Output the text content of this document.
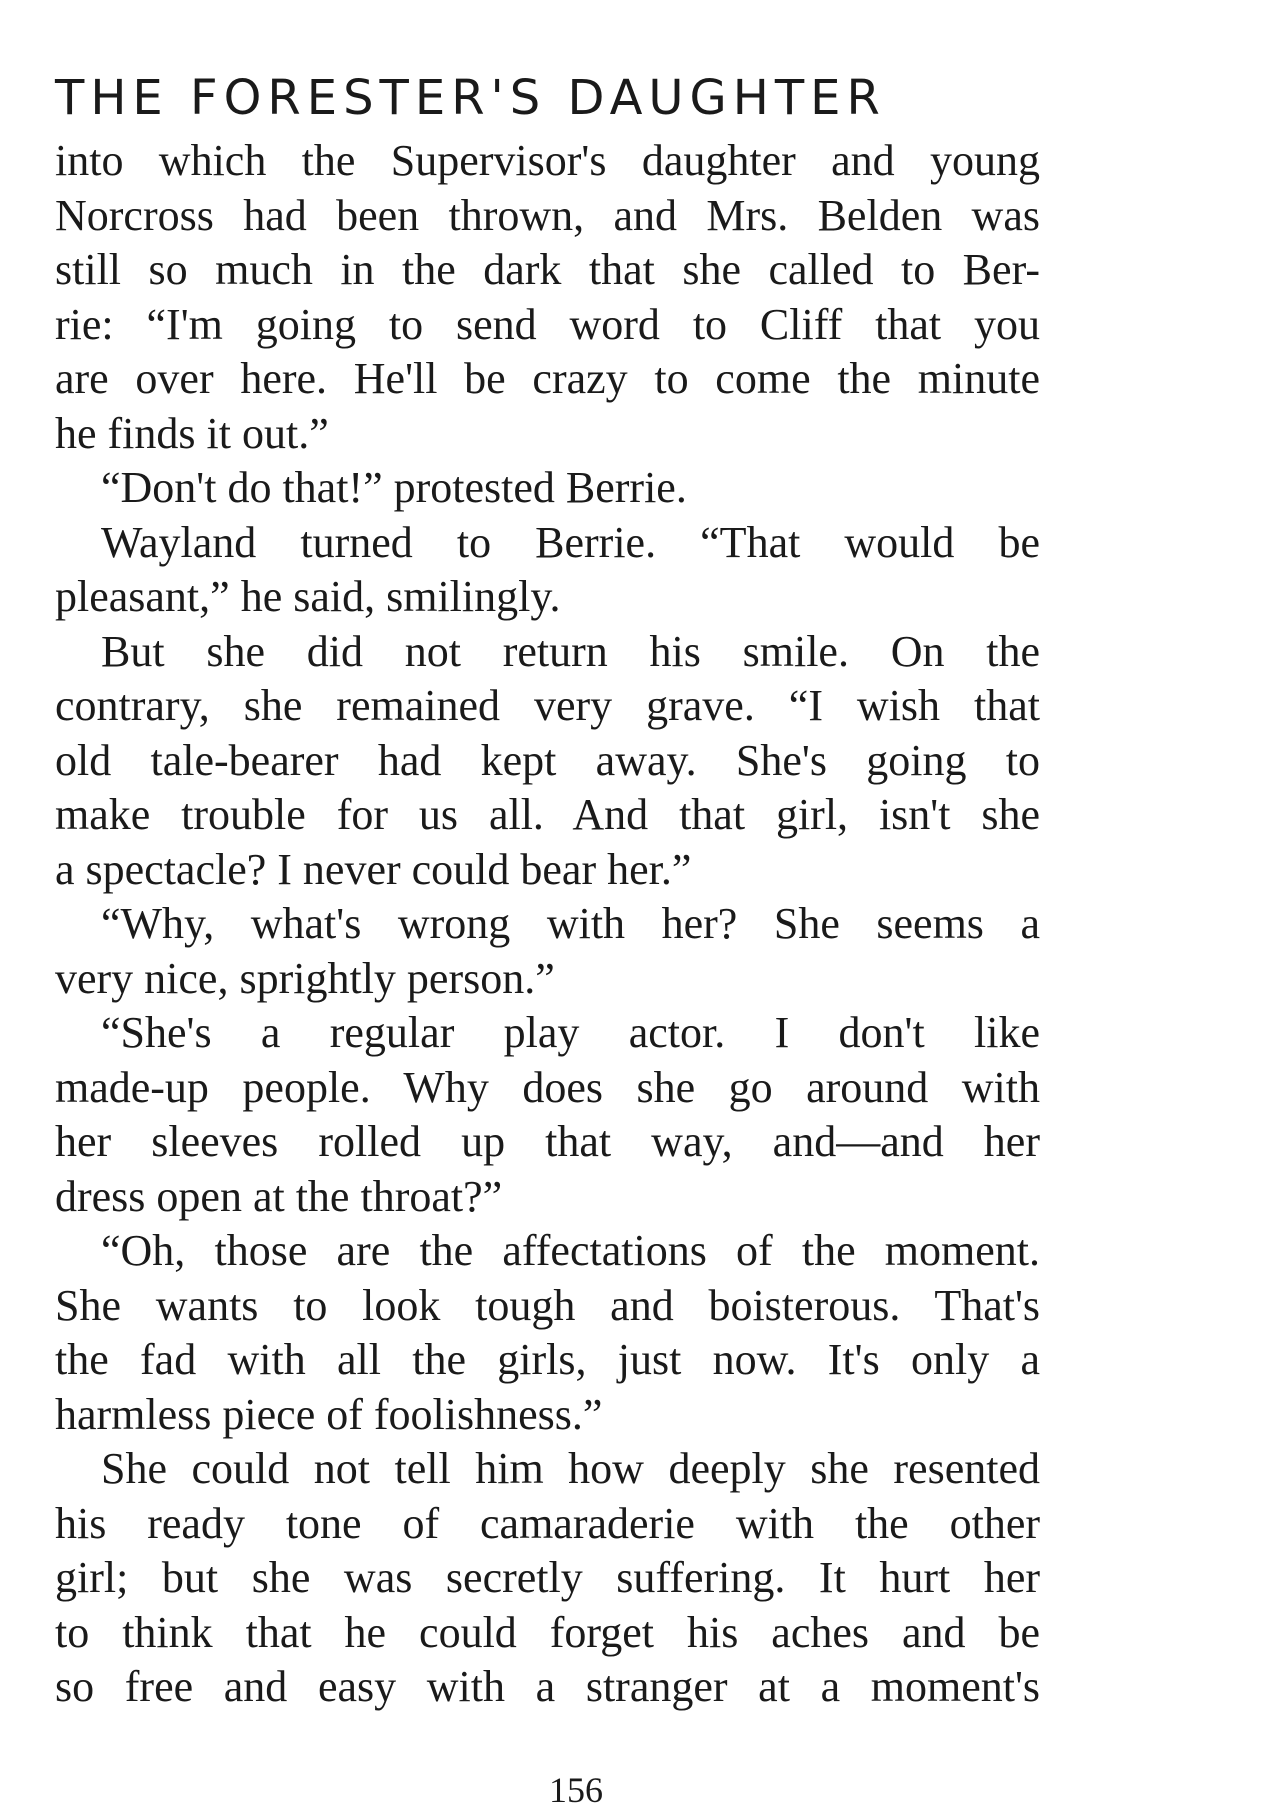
THE FORESTER'S DAUGHTER
into which the Supervisor's daughter and young
Norcross had been thrown, and Mrs. Belden was
still so much in the dark that she called to Ber-
rie: “I'm going to send word to Cliff that you
are over here. He'll be crazy to come the minute
he finds it out.”
“Don't do that!” protested Berrie.
Wayland turned to Berrie. “That would be
pleasant,” he said, smilingly.
But she did not return his smile. On the
contrary, she remained very grave. “I wish that
old tale-bearer had kept away. She's going to
make trouble for us all. And that girl, isn't she
a spectacle? I never could bear her.”
“Why, what's wrong with her? She seems a
very nice, sprightly person.”
“She's a regular play actor. I don't like
made-up people. Why does she go around with
her sleeves rolled up that way, and—and her
dress open at the throat?”
“Oh, those are the affectations of the moment.
She wants to look tough and boisterous. That's
the fad with all the girls, just now. It's only a
harmless piece of foolishness.”
She could not tell him how deeply she resented
his ready tone of camaraderie with the other
girl; but she was secretly suffering. It hurt her
to think that he could forget his aches and be
so free and easy with a stranger at a moment's
156
